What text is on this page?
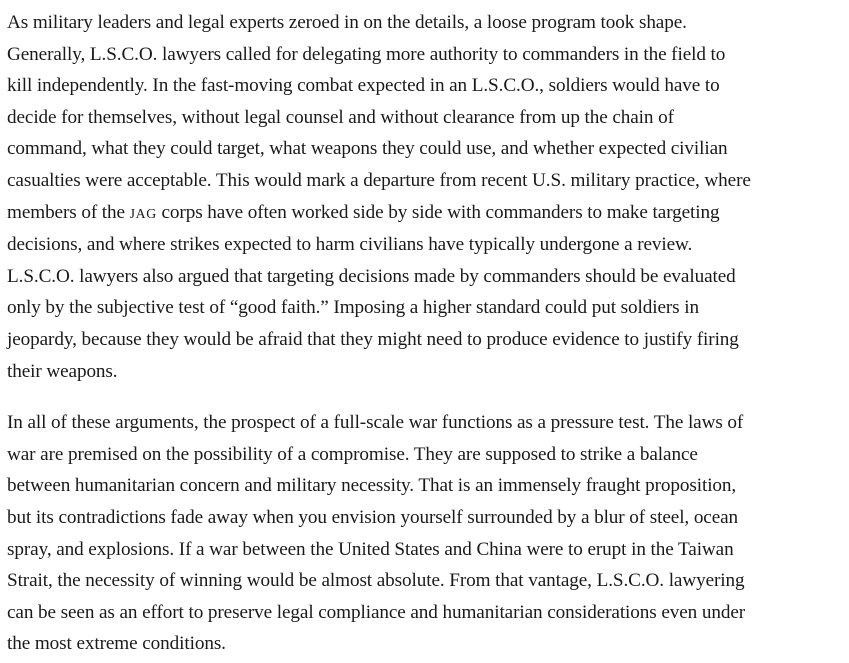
As military leaders and legal experts zeroed in on the details, a loose program took shape.
Generally, L.S.C.O. lawyers called for delegating more authority to commanders in the field to
kill independently. In the fast-moving combat expected in an L.S.C.O., soldiers would have to
decide for themselves, without legal counsel and without clearance from up the chain of
command, what they could target, what weapons they could use, and whether expected civilian
casualties were acceptable. This would mark a departure from recent U.S. military practice, where
members of the JAG corps have often worked side by side with commanders to make targeting
decisions, and where strikes expected to harm civilians have typically undergone a review.
L.S.C.O. lawyers also argued that targeting decisions made by commanders should be evaluated
only by the subjective test of “good faith.” Imposing a higher standard could put soldiers in
jeopardy, because they would be afraid that they might need to produce evidence to justify firing
their weapons.

In all of these arguments, the prospect of a full-scale war functions as a pressure test. The laws of
war are premised on the possibility of a compromise. They are supposed to strike a balance
between humanitarian concern and military necessity. That is an immensely fraught proposition,
but its contradictions fade away when you envision yourself surrounded by a blur of steel, ocean
spray, and explosions. If a war between the United States and China were to erupt in the Taiwan
Strait, the necessity of winning would be almost absolute. From that vantage, L.S.C.O. lawyering
can be seen as an effort to preserve legal compliance and humanitarian considerations even under
the most extreme conditions.
